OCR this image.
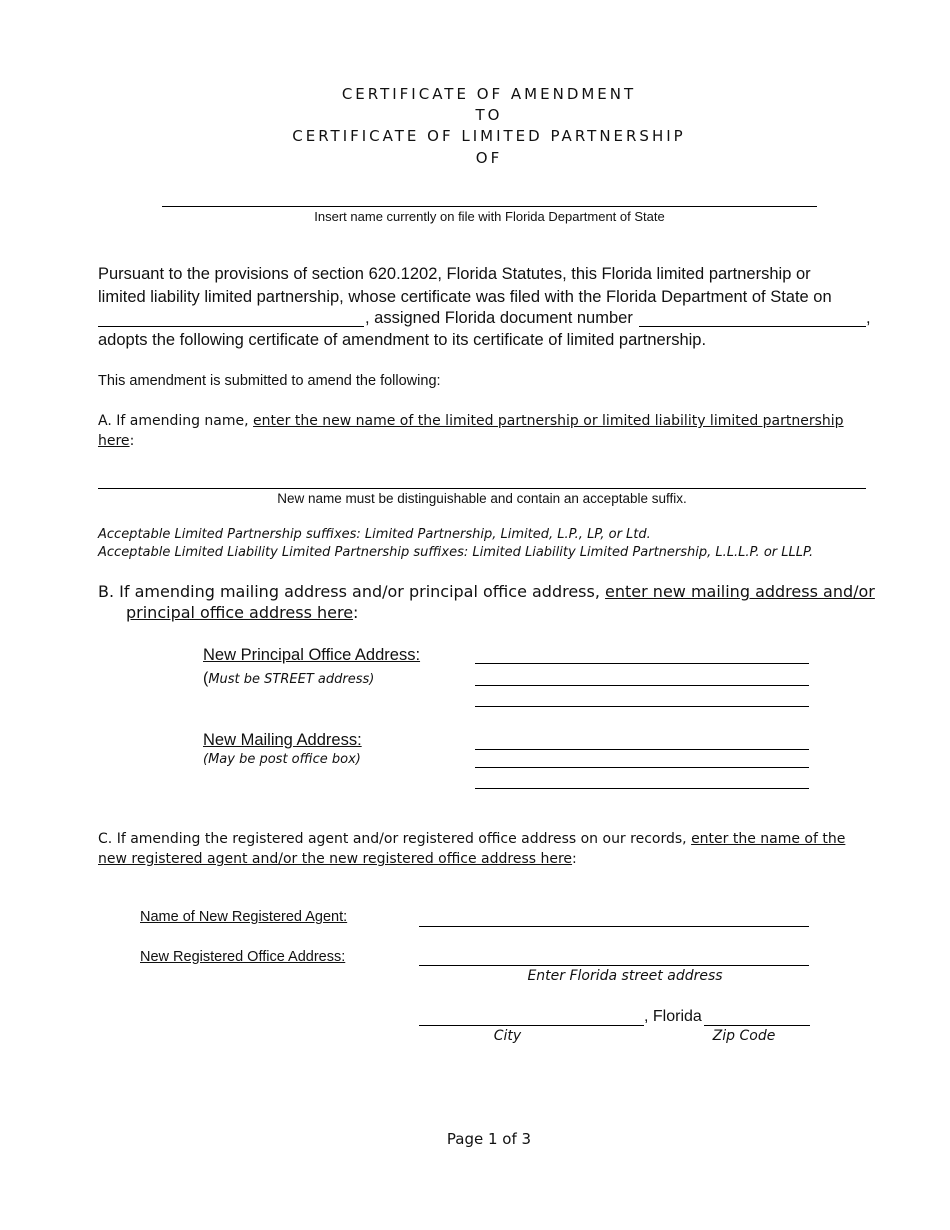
CERTIFICATE OF AMENDMENT
TO
CERTIFICATE OF LIMITED PARTNERSHIP
OF
Insert name currently on file with Florida Department of State
Pursuant to the provisions of section 620.1202, Florida Statutes, this Florida limited partnership or
limited liability limited partnership, whose certificate was filed with the Florida Department of State on
, assigned Florida document number	,
adopts the following certificate of amendment to its certificate of limited partnership.
This amendment is submitted to amend the following:
A. If amending name, enter the new name of the limited partnership or limited liability limited partnership
here:
New name must be distinguishable and contain an acceptable suffix.
Acceptable Limited Partnership suffixes: Limited Partnership, Limited, L.P., LP, or Ltd.
Acceptable Limited Liability Limited Partnership suffixes: Limited Liability Limited Partnership, L.L.L.P. or LLLP.
B. If amending mailing address and/or principal office address, enter new mailing address and/or
principal office address here:
New Principal Office Address:
(Must be STREET address)
New Mailing Address:
(May be post office box)
C. If amending the registered agent and/or registered office address on our records, enter the name of the
new registered agent and/or the new registered office address here:
Name of New Registered Agent:
New Registered Office Address:
Enter Florida street address
, Florida
City	Zip Code
Page 1 of 3
